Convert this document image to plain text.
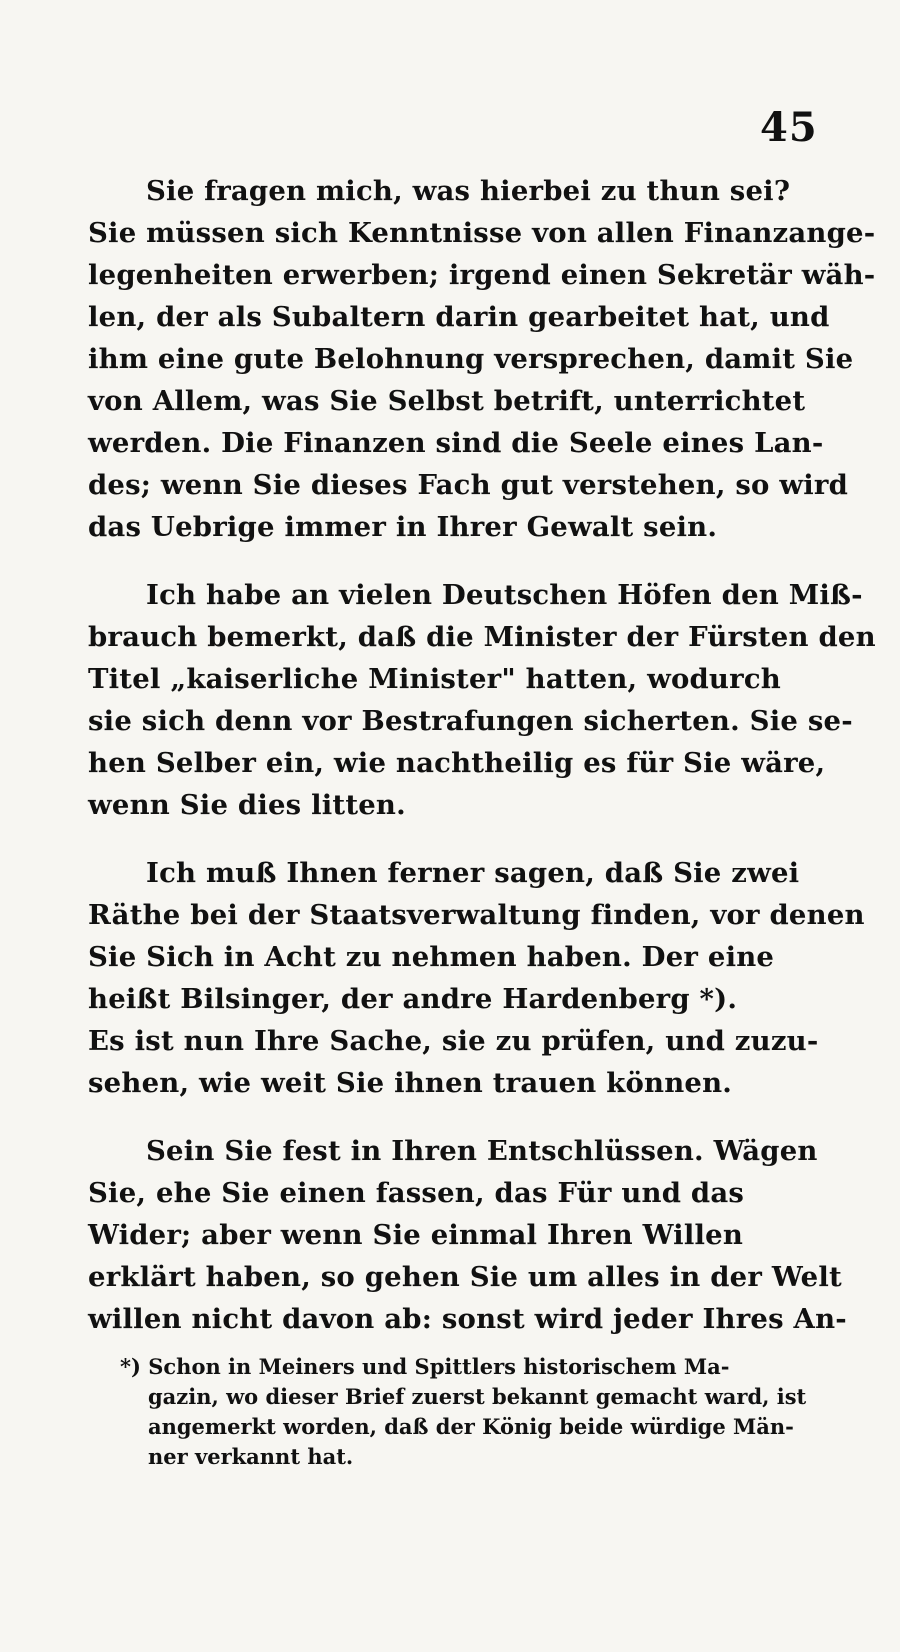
45
Sie fragen mich, was hierbei zu thun sei?
Sie müssen sich Kenntnisse von allen Finanzange-
legenheiten erwerben; irgend einen Sekretär wäh-
len, der als Subaltern darin gearbeitet hat, und
ihm eine gute Belohnung versprechen, damit Sie
von Allem, was Sie Selbst betrift, unterrichtet
werden. Die Finanzen sind die Seele eines Lan-
des; wenn Sie dieses Fach gut verstehen, so wird
das Uebrige immer in Ihrer Gewalt sein.
Ich habe an vielen Deutschen Höfen den Miß-
brauch bemerkt, daß die Minister der Fürsten den
Titel „kaiserliche Minister" hatten, wodurch
sie sich denn vor Bestrafungen sicherten. Sie se-
hen Selber ein, wie nachtheilig es für Sie wäre,
wenn Sie dies litten.
Ich muß Ihnen ferner sagen, daß Sie zwei
Räthe bei der Staatsverwaltung finden, vor denen
Sie Sich in Acht zu nehmen haben. Der eine
heißt Bilsinger, der andre Hardenberg *).
Es ist nun Ihre Sache, sie zu prüfen, und zuzu-
sehen, wie weit Sie ihnen trauen können.
Sein Sie fest in Ihren Entschlüssen. Wägen
Sie, ehe Sie einen fassen, das Für und das
Wider; aber wenn Sie einmal Ihren Willen
erklärt haben, so gehen Sie um alles in der Welt
willen nicht davon ab: sonst wird jeder Ihres An-
*) Schon in Meiners und Spittlers historischem Ma-
gazin, wo dieser Brief zuerst bekannt gemacht ward, ist
angemerkt worden, daß der König beide würdige Män-
ner verkannt hat.
